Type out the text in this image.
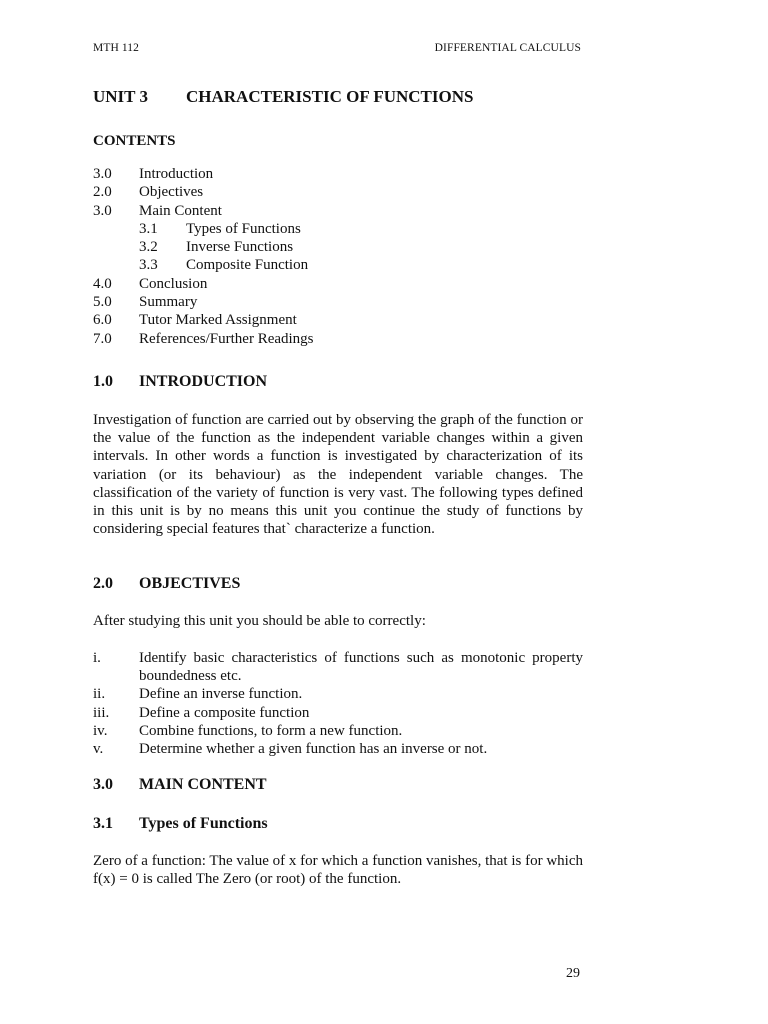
MTH 112	DIFFERENTIAL CALCULUS
UNIT 3 CHARACTERISTIC OF FUNCTIONS
CONTENTS
3.0 Introduction
2.0 Objectives
3.0 Main Content
3.1 Types of Functions
3.2 Inverse Functions
3.3 Composite Function
4.0 Conclusion
5.0 Summary
6.0 Tutor Marked Assignment
7.0 References/Further Readings
1.0 INTRODUCTION
Investigation of function are carried out by observing the graph of the function or the value of the function as the independent variable changes within a given intervals. In other words a function is investigated by characterization of its variation (or its behaviour) as the independent variable changes. The classification of the variety of function is very vast. The following types defined in this unit is by no means this unit you continue the study of functions by considering special features that` characterize a function.
2.0 OBJECTIVES
After studying this unit you should be able to correctly:
i.	Identify basic characteristics of functions such as monotonic property boundedness etc.
ii.	Define an inverse function.
iii.	Define a composite function
iv.	Combine functions, to form a new function.
v.	Determine whether a given function has an inverse or not.
3.0 MAIN CONTENT
3.1 Types of Functions
Zero of a function: The value of x for which a function vanishes, that is for which f(x) = 0 is called The Zero (or root) of the function.
29
